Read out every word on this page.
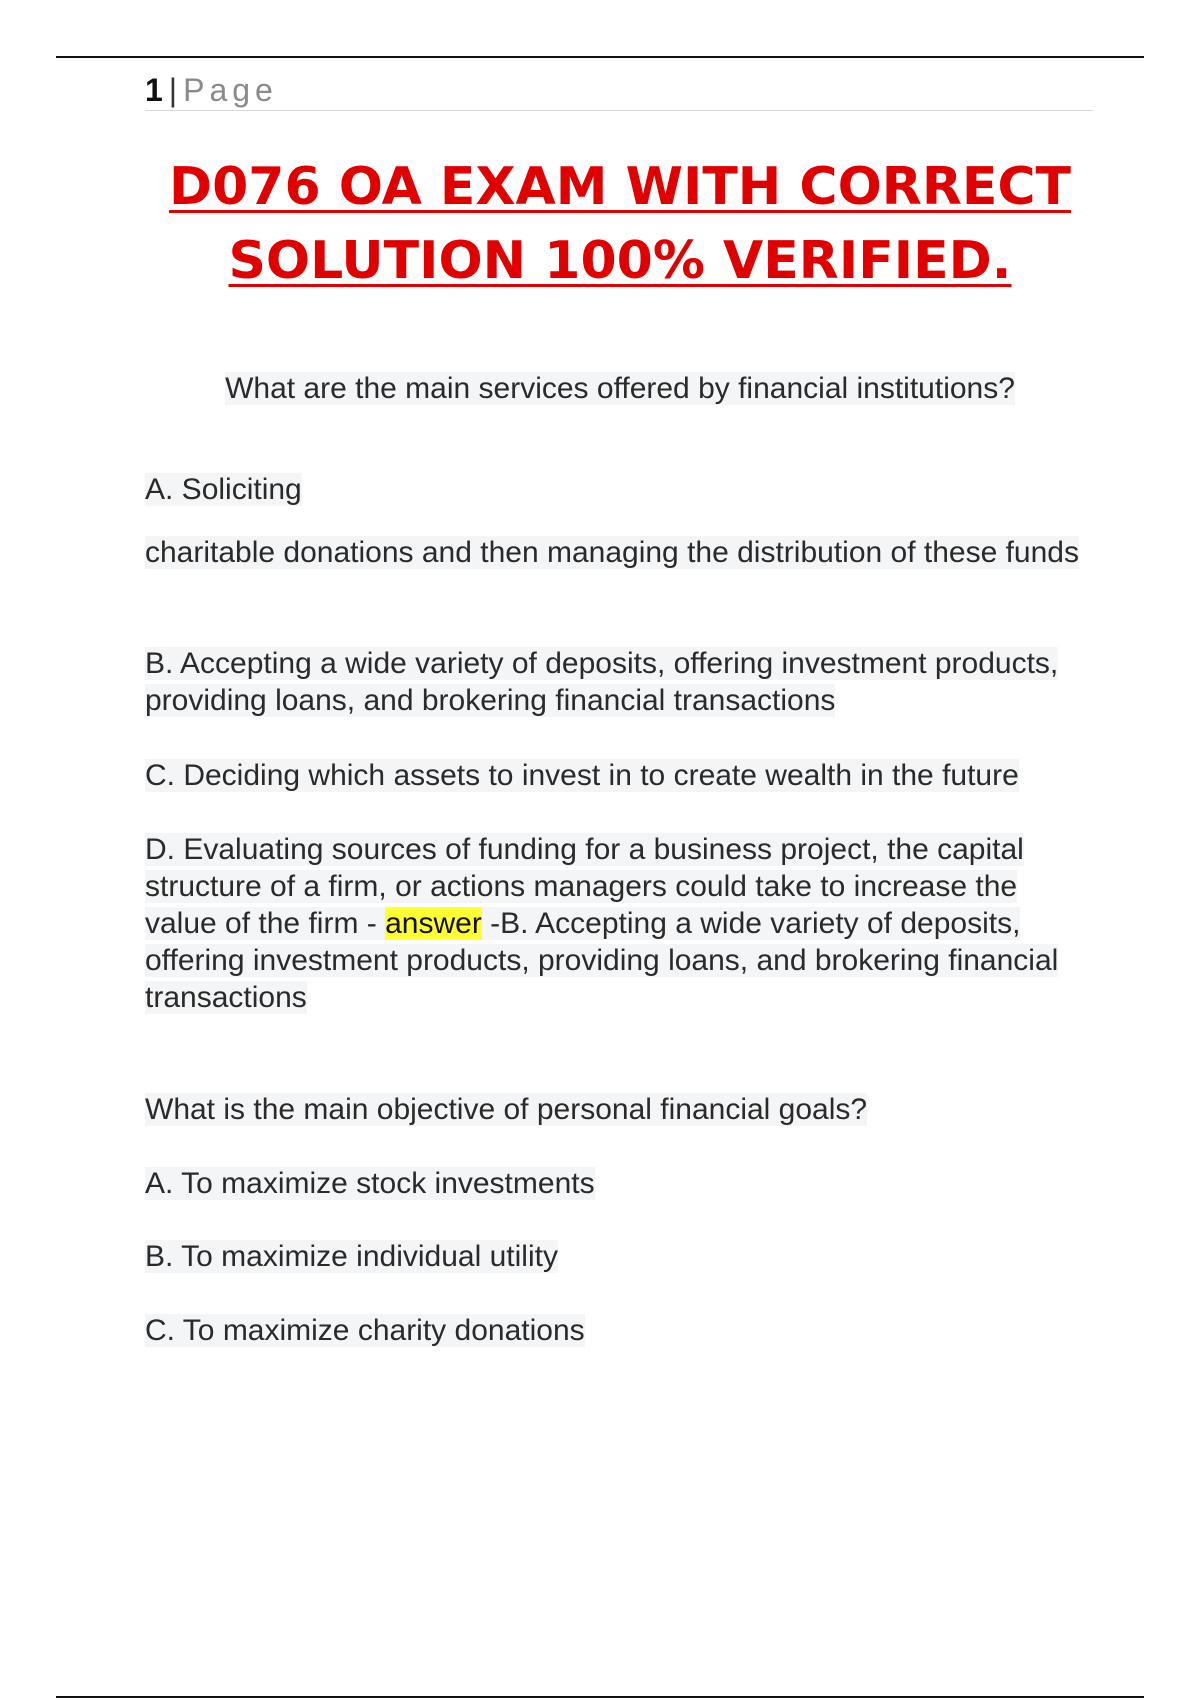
1 | Page
D076 OA EXAM WITH CORRECT
SOLUTION 100% VERIFIED.
What are the main services offered by financial institutions?
A. Soliciting
charitable donations and then managing the distribution of these funds
B. Accepting a wide variety of deposits, offering investment products, providing loans, and brokering financial transactions
C. Deciding which assets to invest in to create wealth in the future
D. Evaluating sources of funding for a business project, the capital structure of a firm, or actions managers could take to increase the value of the firm - answer -B. Accepting a wide variety of deposits, offering investment products, providing loans, and brokering financial transactions
What is the main objective of personal financial goals?
A. To maximize stock investments
B. To maximize individual utility
C. To maximize charity donations
